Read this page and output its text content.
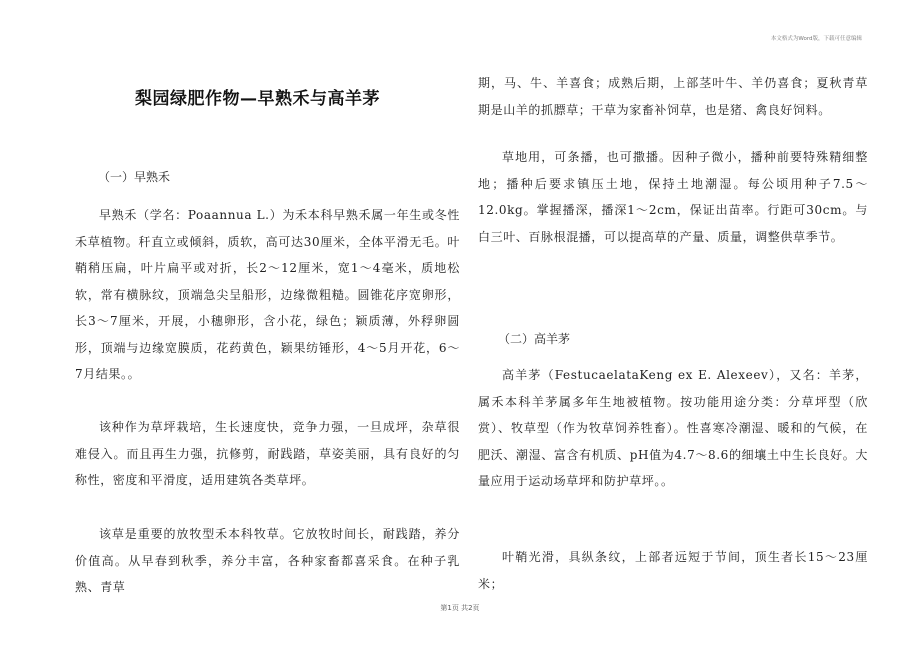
本文格式为Word版，下载可任意编辑
梨园绿肥作物—早熟禾与高羊茅
（一）早熟禾

早熟禾（学名：Poaannua L.）为禾本科早熟禾属一年生或冬性禾草植物。秆直立或倾斜，质软，高可达30厘米，全体平滑无毛。叶鞘稍压扁，叶片扁平或对折，长2～12厘米，宽1～4毫米，质地松软，常有横脉纹，顶端急尖呈船形，边缘微粗糙。圆锥花序宽卵形，长3～7厘米，开展，小穗卵形，含小花，绿色；颖质薄，外稃卵圆形，顶端与边缘宽膜质，花药黄色，颖果纺锤形，4～5月开花，6～7月结果。。

该种作为草坪栽培，生长速度快，竞争力强，一旦成坪，杂草很难侵入。而且再生力强，抗修剪，耐践踏，草姿美丽，具有良好的匀称性，密度和平滑度，适用建筑各类草坪。

该草是重要的放牧型禾本科牧草。它放牧时间长，耐践踏，养分价值高。从早春到秋季，养分丰富，各种家畜都喜采食。在种子乳熟、青草

期，马、牛、羊喜食；成熟后期，上部茎叶牛、羊仍喜食；夏秋青草期是山羊的抓膘草；干草为家畜补饲草，也是猪、禽良好饲料。

草地用，可条播，也可撒播。因种子微小，播种前要特殊精细整地；播种后要求镇压土地，保持土地潮湿。每公顷用种子7.5～12.0kg。掌握播深，播深1～2cm，保证出苗率。行距可30cm。与白三叶、百脉根混播，可以提高草的产量、质量，调整供草季节。

（二）高羊茅

高羊茅（FestucaelataKeng ex E. Alexeev），又名：羊茅，属禾本科羊茅属多年生地被植物。按功能用途分类：分草坪型（欣赏）、牧草型（作为牧草饲养牲畜）。性喜寒冷潮湿、暖和的气候，在肥沃、潮湿、富含有机质、pH值为4.7～8.6的细壤土中生长良好。大量应用于运动场草坪和防护草坪。。

叶鞘光滑，具纵条纹，上部者远短于节间，顶生者长15～23厘米；

第1页 共2页
